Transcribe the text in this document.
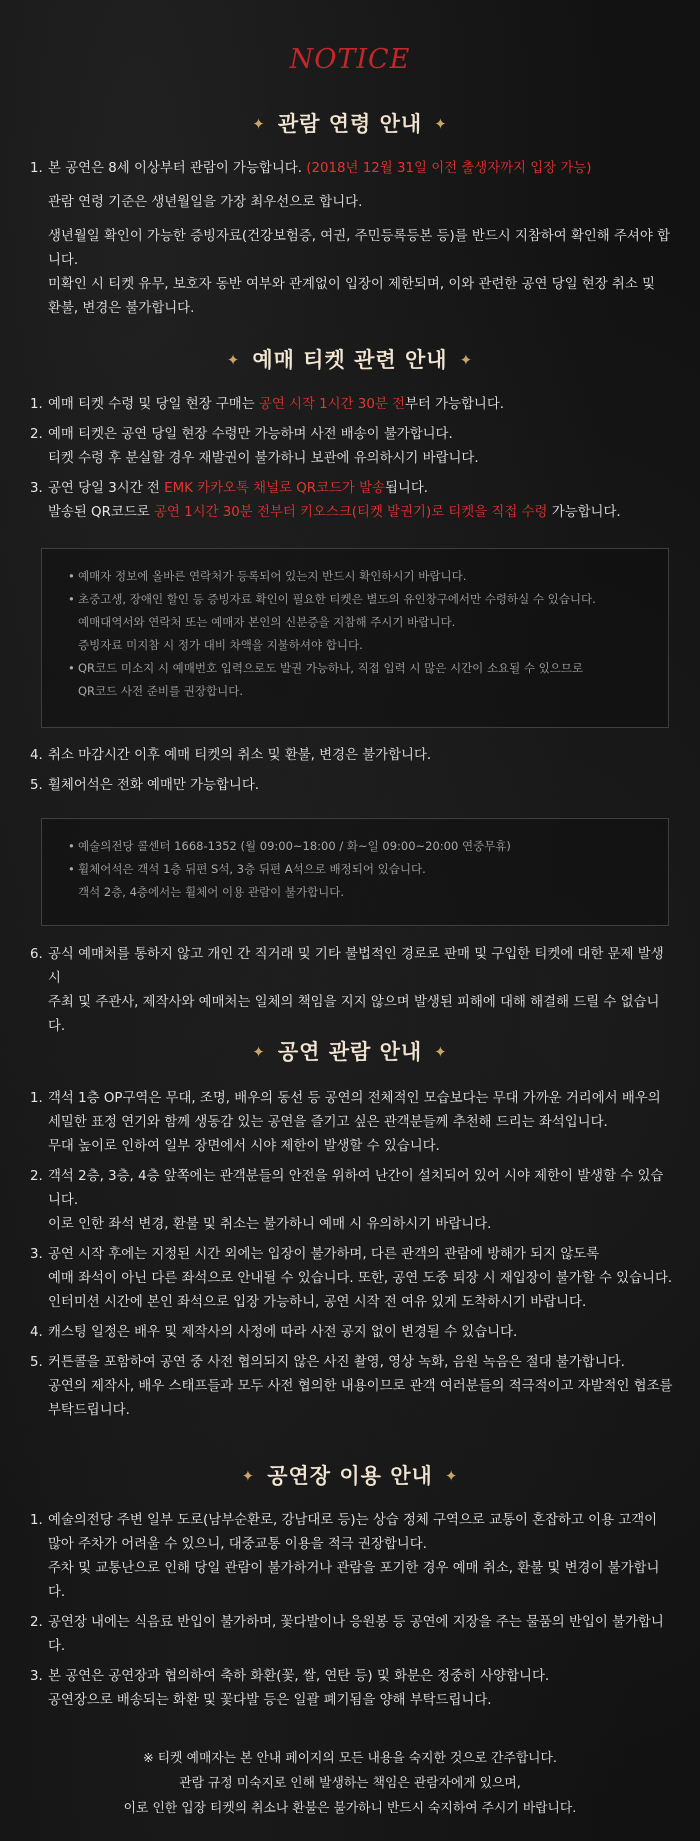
NOTICE
✦ 관람 연령 안내 ✦
1. 본 공연은 8세 이상부터 관람이 가능합니다. (2018년 12월 31일 이전 출생자까지 입장 가능)
관람 연령 기준은 생년월일을 가장 최우선으로 합니다.
생년월일 확인이 가능한 증빙자료(건강보험증, 여권, 주민등록등본 등)를 반드시 지참하여 확인해 주셔야 합니다.
미확인 시 티켓 유무, 보호자 동반 여부와 관계없이 입장이 제한되며, 이와 관련한 공연 당일 현장 취소 및
환불, 변경은 불가합니다.
✦ 예매 티켓 관련 안내 ✦
1. 예매 티켓 수령 및 당일 현장 구매는 공연 시작 1시간 30분 전부터 가능합니다.
2. 예매 티켓은 공연 당일 현장 수령만 가능하며 사전 배송이 불가합니다.
티켓 수령 후 분실할 경우 재발권이 불가하니 보관에 유의하시기 바랍니다.
3. 공연 당일 3시간 전 EMK 카카오톡 채널로 QR코드가 발송됩니다.
발송된 QR코드로 공연 1시간 30분 전부터 키오스크(티켓 발권기)로 티켓을 직접 수령 가능합니다.
• 예매자 정보에 올바른 연락처가 등록되어 있는지 반드시 확인하시기 바랍니다.
• 초중고생, 장애인 할인 등 증빙자료 확인이 필요한 티켓은 별도의 유인창구에서만 수령하실 수 있습니다.
예매대역서와 연락처 또는 예매자 본인의 신분증을 지참해 주시기 바랍니다.
증빙자료 미지참 시 정가 대비 차액을 지불하셔야 합니다.
• QR코드 미소지 시 예매번호 입력으로도 발권 가능하나, 직접 입력 시 많은 시간이 소요될 수 있으므로
QR코드 사전 준비를 권장합니다.
4. 취소 마감시간 이후 예매 티켓의 취소 및 환불, 변경은 불가합니다.
5. 휠체어석은 전화 예매만 가능합니다.
• 예술의전당 콜센터 1668-1352 (월 09:00~18:00 / 화~일 09:00~20:00 연중무휴)
• 휠체어석은 객석 1층 뒤편 S석, 3층 뒤편 A석으로 배정되어 있습니다.
객석 2층, 4층에서는 휠체어 이용 관람이 불가합니다.
6. 공식 예매처를 통하지 않고 개인 간 직거래 및 기타 불법적인 경로로 판매 및 구입한 티켓에 대한 문제 발생 시
주최 및 주관사, 제작사와 예매처는 일체의 책임을 지지 않으며 발생된 피해에 대해 해결해 드릴 수 없습니다.
✦ 공연 관람 안내 ✦
1. 객석 1층 OP구역은 무대, 조명, 배우의 동선 등 공연의 전체적인 모습보다는 무대 가까운 거리에서 배우의
세밀한 표정 연기와 함께 생동감 있는 공연을 즐기고 싶은 관객분들께 추천해 드리는 좌석입니다.
무대 높이로 인하여 일부 장면에서 시야 제한이 발생할 수 있습니다.
2. 객석 2층, 3층, 4층 앞쪽에는 관객분들의 안전을 위하여 난간이 설치되어 있어 시야 제한이 발생할 수 있습니다.
이로 인한 좌석 변경, 환불 및 취소는 불가하니 예매 시 유의하시기 바랍니다.
3. 공연 시작 후에는 지정된 시간 외에는 입장이 불가하며, 다른 관객의 관람에 방해가 되지 않도록
예매 좌석이 아닌 다른 좌석으로 안내될 수 있습니다. 또한, 공연 도중 퇴장 시 재입장이 불가할 수 있습니다.
인터미션 시간에 본인 좌석으로 입장 가능하니, 공연 시작 전 여유 있게 도착하시기 바랍니다.
4. 캐스팅 일정은 배우 및 제작사의 사정에 따라 사전 공지 없이 변경될 수 있습니다.
5. 커튼콜을 포함하여 공연 중 사전 협의되지 않은 사진 촬영, 영상 녹화, 음원 녹음은 절대 불가합니다.
공연의 제작사, 배우 스태프들과 모두 사전 협의한 내용이므로 관객 여러분들의 적극적이고 자발적인 협조를
부탁드립니다.
✦ 공연장 이용 안내 ✦
1. 예술의전당 주변 일부 도로(남부순환로, 강남대로 등)는 상습 정체 구역으로 교통이 혼잡하고 이용 고객이
많아 주차가 어려울 수 있으니, 대중교통 이용을 적극 권장합니다.
주차 및 교통난으로 인해 당일 관람이 불가하거나 관람을 포기한 경우 예매 취소, 환불 및 변경이 불가합니다.
2. 공연장 내에는 식음료 반입이 불가하며, 꽃다발이나 응원봉 등 공연에 지장을 주는 물품의 반입이 불가합니다.
3. 본 공연은 공연장과 협의하여 축하 화환(꽃, 쌀, 연탄 등) 및 화분은 정중히 사양합니다.
공연장으로 배송되는 화환 및 꽃다발 등은 일괄 폐기됨을 양해 부탁드립니다.
※ 티켓 예매자는 본 안내 페이지의 모든 내용을 숙지한 것으로 간주합니다.
관람 규정 미숙지로 인해 발생하는 책임은 관람자에게 있으며,
이로 인한 입장 티켓의 취소나 환불은 불가하니 반드시 숙지하여 주시기 바랍니다.
